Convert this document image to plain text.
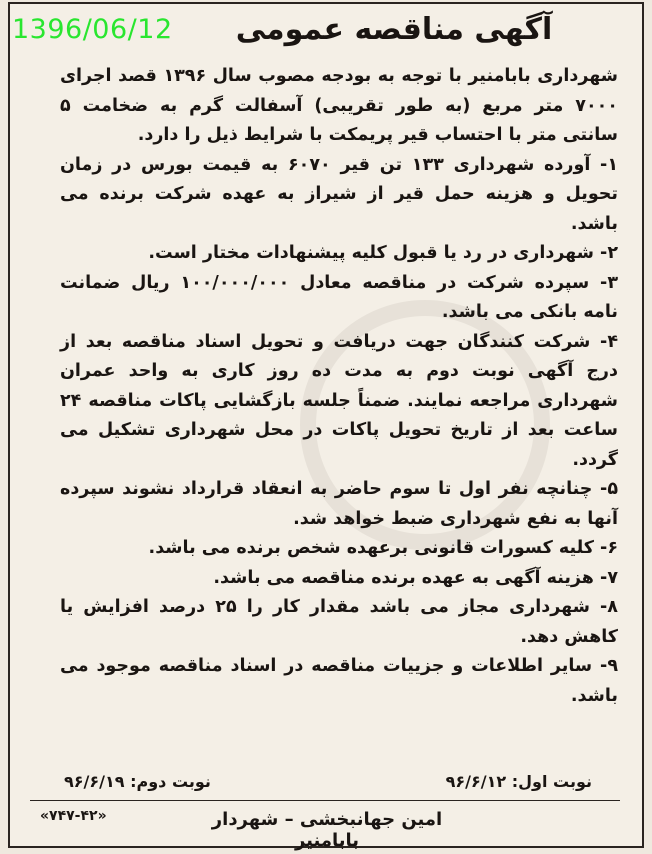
1396/06/12	آگهی مناقصه عمومی

شهرداری بابامنیر با توجه به بودجه مصوب سال ۱۳۹۶ قصد اجرای ۷۰۰۰ متر مربع (به طور تقریبی) آسفالت گرم به ضخامت ۵ سانتی متر با احتساب قیر پریمکت با شرایط ذیل را دارد.

۱- آورده شهرداری ۱۳۳ تن قیر ۶۰۷۰ به قیمت بورس در زمان تحویل و هزینه حمل قیر از شیراز به عهده شرکت برنده می باشد.

۲- شهرداری در رد یا قبول کلیه پیشنهادات مختار است.

۳- سپرده شرکت در مناقصه معادل ۱۰۰/۰۰۰/۰۰۰ ریال ضمانت نامه بانکی می باشد.

۴- شرکت کنندگان جهت دریافت و تحویل اسناد مناقصه بعد از درج آگهی نوبت دوم به مدت ده روز کاری به واحد عمران شهرداری مراجعه نمایند. ضمناً جلسه بازگشایی پاکات مناقصه ۲۴ ساعت بعد از تاریخ تحویل پاکات در محل شهرداری تشکیل می گردد.

۵- چنانچه نفر اول تا سوم حاضر به انعقاد قرارداد نشوند سپرده آنها به نفع شهرداری ضبط خواهد شد.

۶- کلیه کسورات قانونی برعهده شخص برنده می باشد.

۷- هزینه آگهی به عهده برنده مناقصه می باشد.

۸- شهرداری مجاز می باشد مقدار کار را ۲۵ درصد افزایش یا کاهش دهد.

۹- سایر اطلاعات و جزییات مناقصه در اسناد مناقصه موجود می باشد.

نوبت اول: ۹۶/۶/۱۲
نوبت دوم: ۹۶/۶/۱۹
«۷۴۷-۴۲»	امین جهانبخشی – شهردار بابامنیر
